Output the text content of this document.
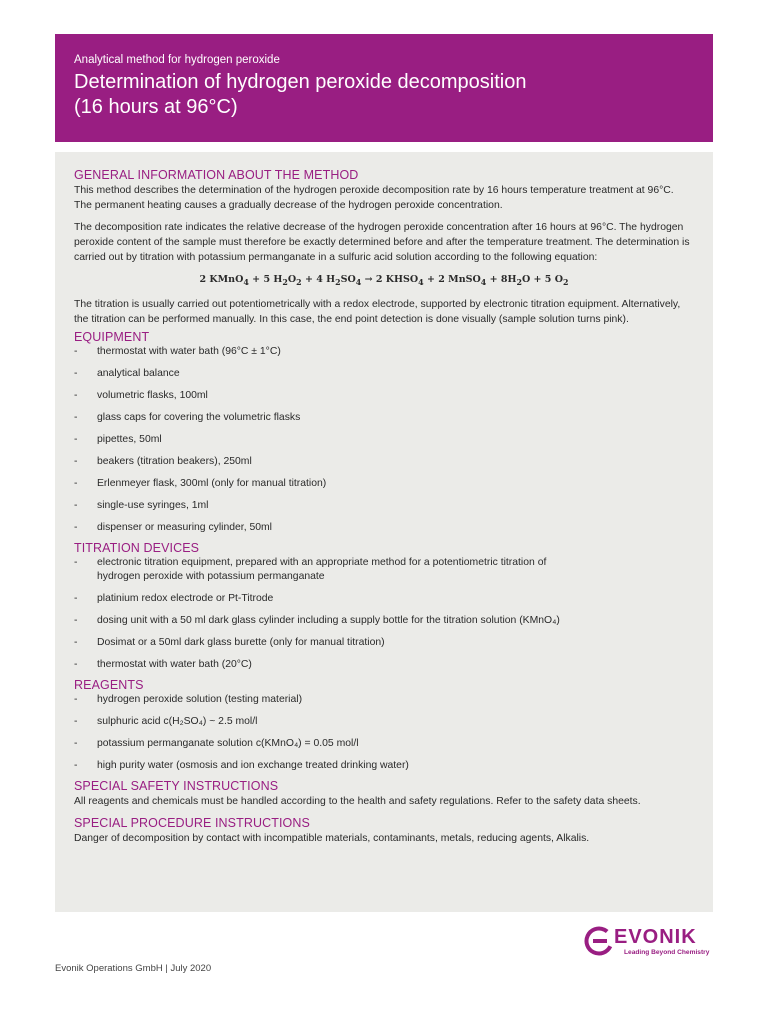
Analytical method for hydrogen peroxide
Determination of hydrogen peroxide decomposition
(16 hours at 96°C)
GENERAL INFORMATION ABOUT THE METHOD

This method describes the determination of the hydrogen peroxide decomposition rate by 16 hours temperature treatment at 96°C. The permanent heating causes a gradually decrease of the hydrogen peroxide concentration.

The decomposition rate indicates the relative decrease of the hydrogen peroxide concentration after 16 hours at 96°C. The hydrogen peroxide content of the sample must therefore be exactly determined before and after the temperature treatment. The determination is carried out by titration with potassium permanganate in a sulfuric acid solution according to the following equation:

2 KMnO$_4$ + 5 $H_2O_2 + 4$ $H_2SO_4 \to 2$ $KHSO_4 + 2$ MnSO$_4$ + $8H_2O + 5$ $O_2$

The titration is usually carried out potentiometrically with a redox electrode, supported by electronic titration equipment. Alternatively, the titration can be performed manually. In this case, the end point detection is done visually (sample solution turns pink).

EQUIPMENT
- thermostat with water bath (96°C ± 1°C)
- analytical balance
- volumetric flasks, 100ml
- glass caps for covering the volumetric flasks
- pipettes, 50ml
- beakers (titration beakers), 250ml
- Erlenmeyer flask, 300ml (only for manual titration)
- single-use syringes, 1ml
- dispenser or measuring cylinder, 50ml
TITRATION DEVICES
- electronic titration equipment, prepared with an appropriate method for a potentiometric titration of
hydrogen peroxide with potassium permanganate
- platinium redox electrode or Pt-Titrode
- dosing unit with a 50 ml dark glass cylinder including a supply bottle for the titration solution (KMnO₄)
- Dosimat or a 50ml dark glass burette (only for manual titration)
- thermostat with water bath (20°C)
REAGENTS
- hydrogen peroxide solution (testing material)
- sulphuric acid c(H₂SO₄) ~ 2.5 mol/l
- potassium permanganate solution c(KMnO₄) = 0.05 mol/l
- high purity water (osmosis and ion exchange treated drinking water)
SPECIAL SAFETY INSTRUCTIONS

All reagents and chemicals must be handled according to the health and safety regulations. Refer to the safety data sheets.

SPECIAL PROCEDURE INSTRUCTIONS

Danger of decomposition by contact with incompatible materials, contaminants, metals, reducing agents, Alkalis.

EVONIK
Leading Beyond Chemistry
Evonik Operations GmbH | July 2020
